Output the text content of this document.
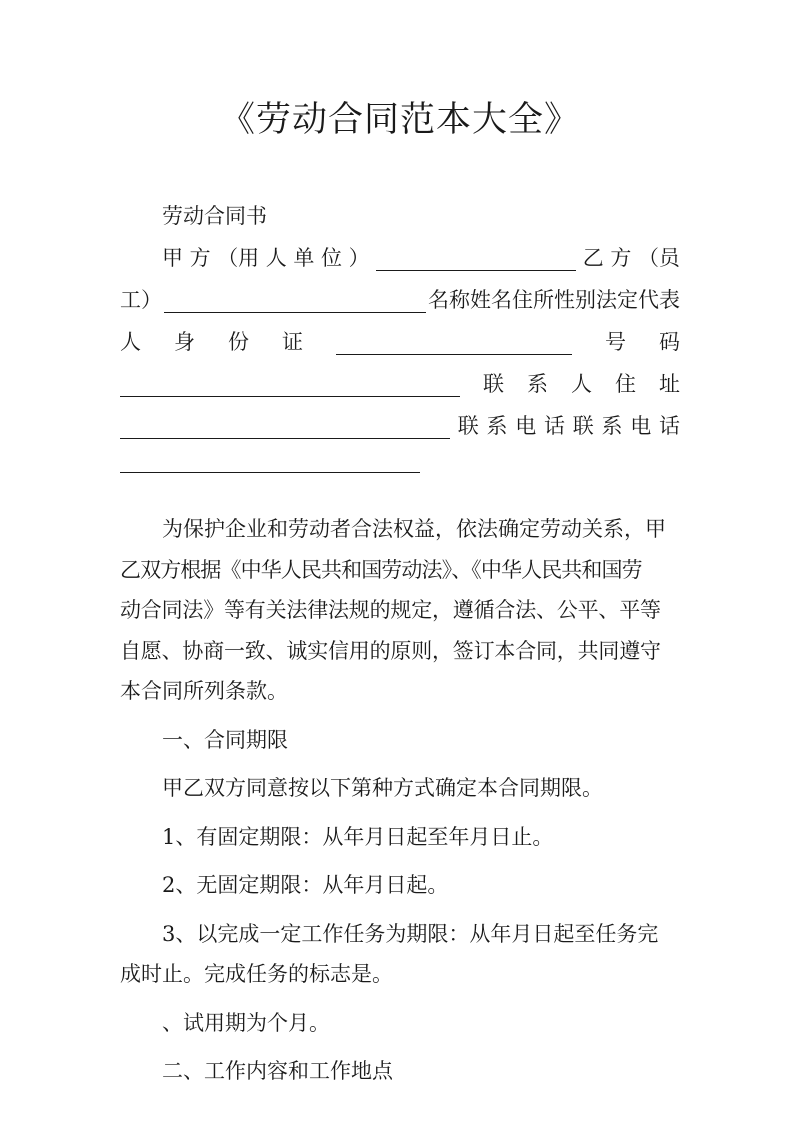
《劳动合同范本大全》
劳动合同书
甲 方 （用 人 单 位 ）	乙 方 （员
工）	名称姓名住所性别法定代表
人 身 份 证	号 码
联 系 人 住 址
联 系 电 话 联 系 电 话
为保护企业和劳动者合法权益，依法确定劳动关系，甲
乙双方根据《中华人民共和国劳动法》、《中华人民共和国劳
动合同法》等有关法律法规的规定，遵循合法、公平、平等
自愿、协商一致、诚实信用的原则，签订本合同，共同遵守
本合同所列条款。
一、合同期限
甲乙双方同意按以下第种方式确定本合同期限。
1、有固定期限：从年月日起至年月日止。
2、无固定期限：从年月日起。
3、以完成一定工作任务为期限：从年月日起至任务完
成时止。完成任务的标志是。
、试用期为个月。
二、工作内容和工作地点
